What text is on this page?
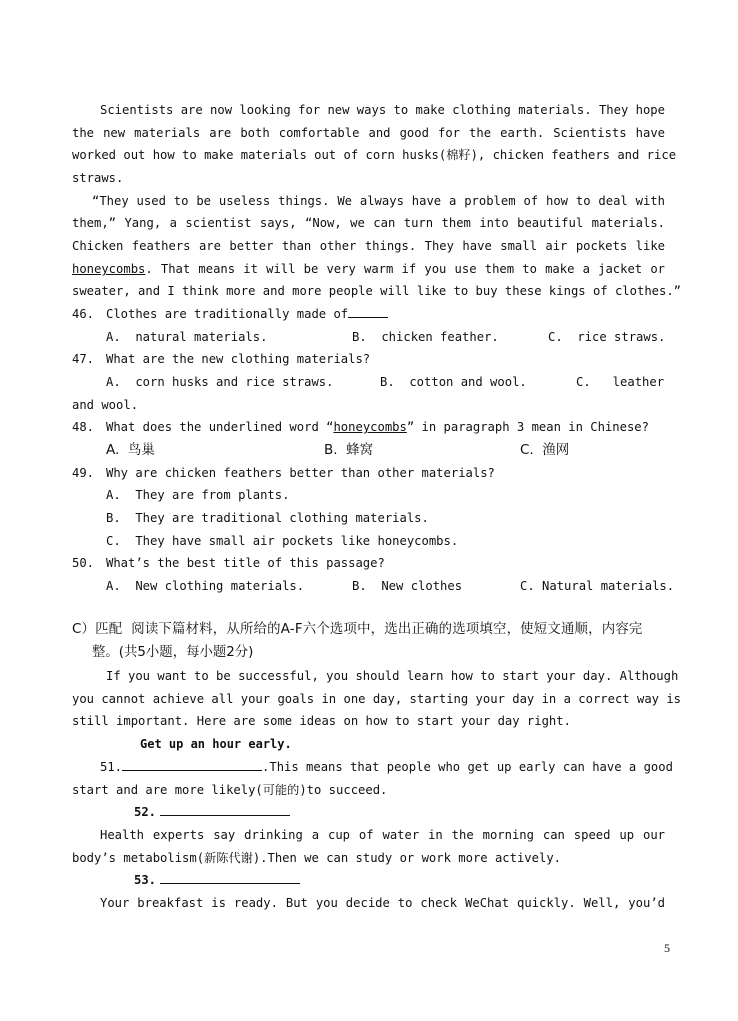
Scientists are now looking for new ways to make clothing materials. They hope
the new materials are both comfortable and good for the earth. Scientists have
worked out how to make materials out of corn husks(棉籽), chicken feathers and rice
straws.
“They used to be useless things. We always have a problem of how to deal with
them,” Yang, a scientist says, “Now, we can turn them into beautiful materials.
Chicken feathers are better than other things. They have small air pockets like
honeycombs. That means it will be very warm if you use them to make a jacket or
sweater, and I think more and more people will like to buy these kings of clothes.”
46. Clothes are traditionally made of
A.  natural materials.	B.  chicken feather.	C.  rice straws.
47. What are the new clothing materials?
A.  corn husks and rice straws.	B.  cotton and wool.	C.   leather
and wool.
48. What does the underlined word “honeycombs” in paragraph 3 mean in Chinese?
A.  鸟巢	B.  蜂窝	C.  渔网
49. Why are chicken feathers better than other materials?
A.  They are from plants.
B.  They are traditional clothing materials.
C.  They have small air pockets like honeycombs.
50. What’s the best title of this passage?
A.  New clothing materials.	B.  New clothes	C. Natural materials.
C）匹配  阅读下篇材料，从所给的A-F六个选项中，选出正确的选项填空，使短文通顺，内容完
整。(共5小题，每小题2分)
If you want to be successful, you should learn how to start your day. Although
you cannot achieve all your goals in one day, starting your day in a correct way is
still important. Here are some ideas on how to start your day right.
Get up an hour early.
51.	.This means that people who get up early can have a good
start and are more likely(可能的)to succeed.
52.
Health experts say drinking a cup of water in the morning can speed up our
body’s metabolism(新陈代谢).Then we can study or work more actively.
53.
Your breakfast is ready. But you decide to check WeChat quickly. Well, you’d
5
